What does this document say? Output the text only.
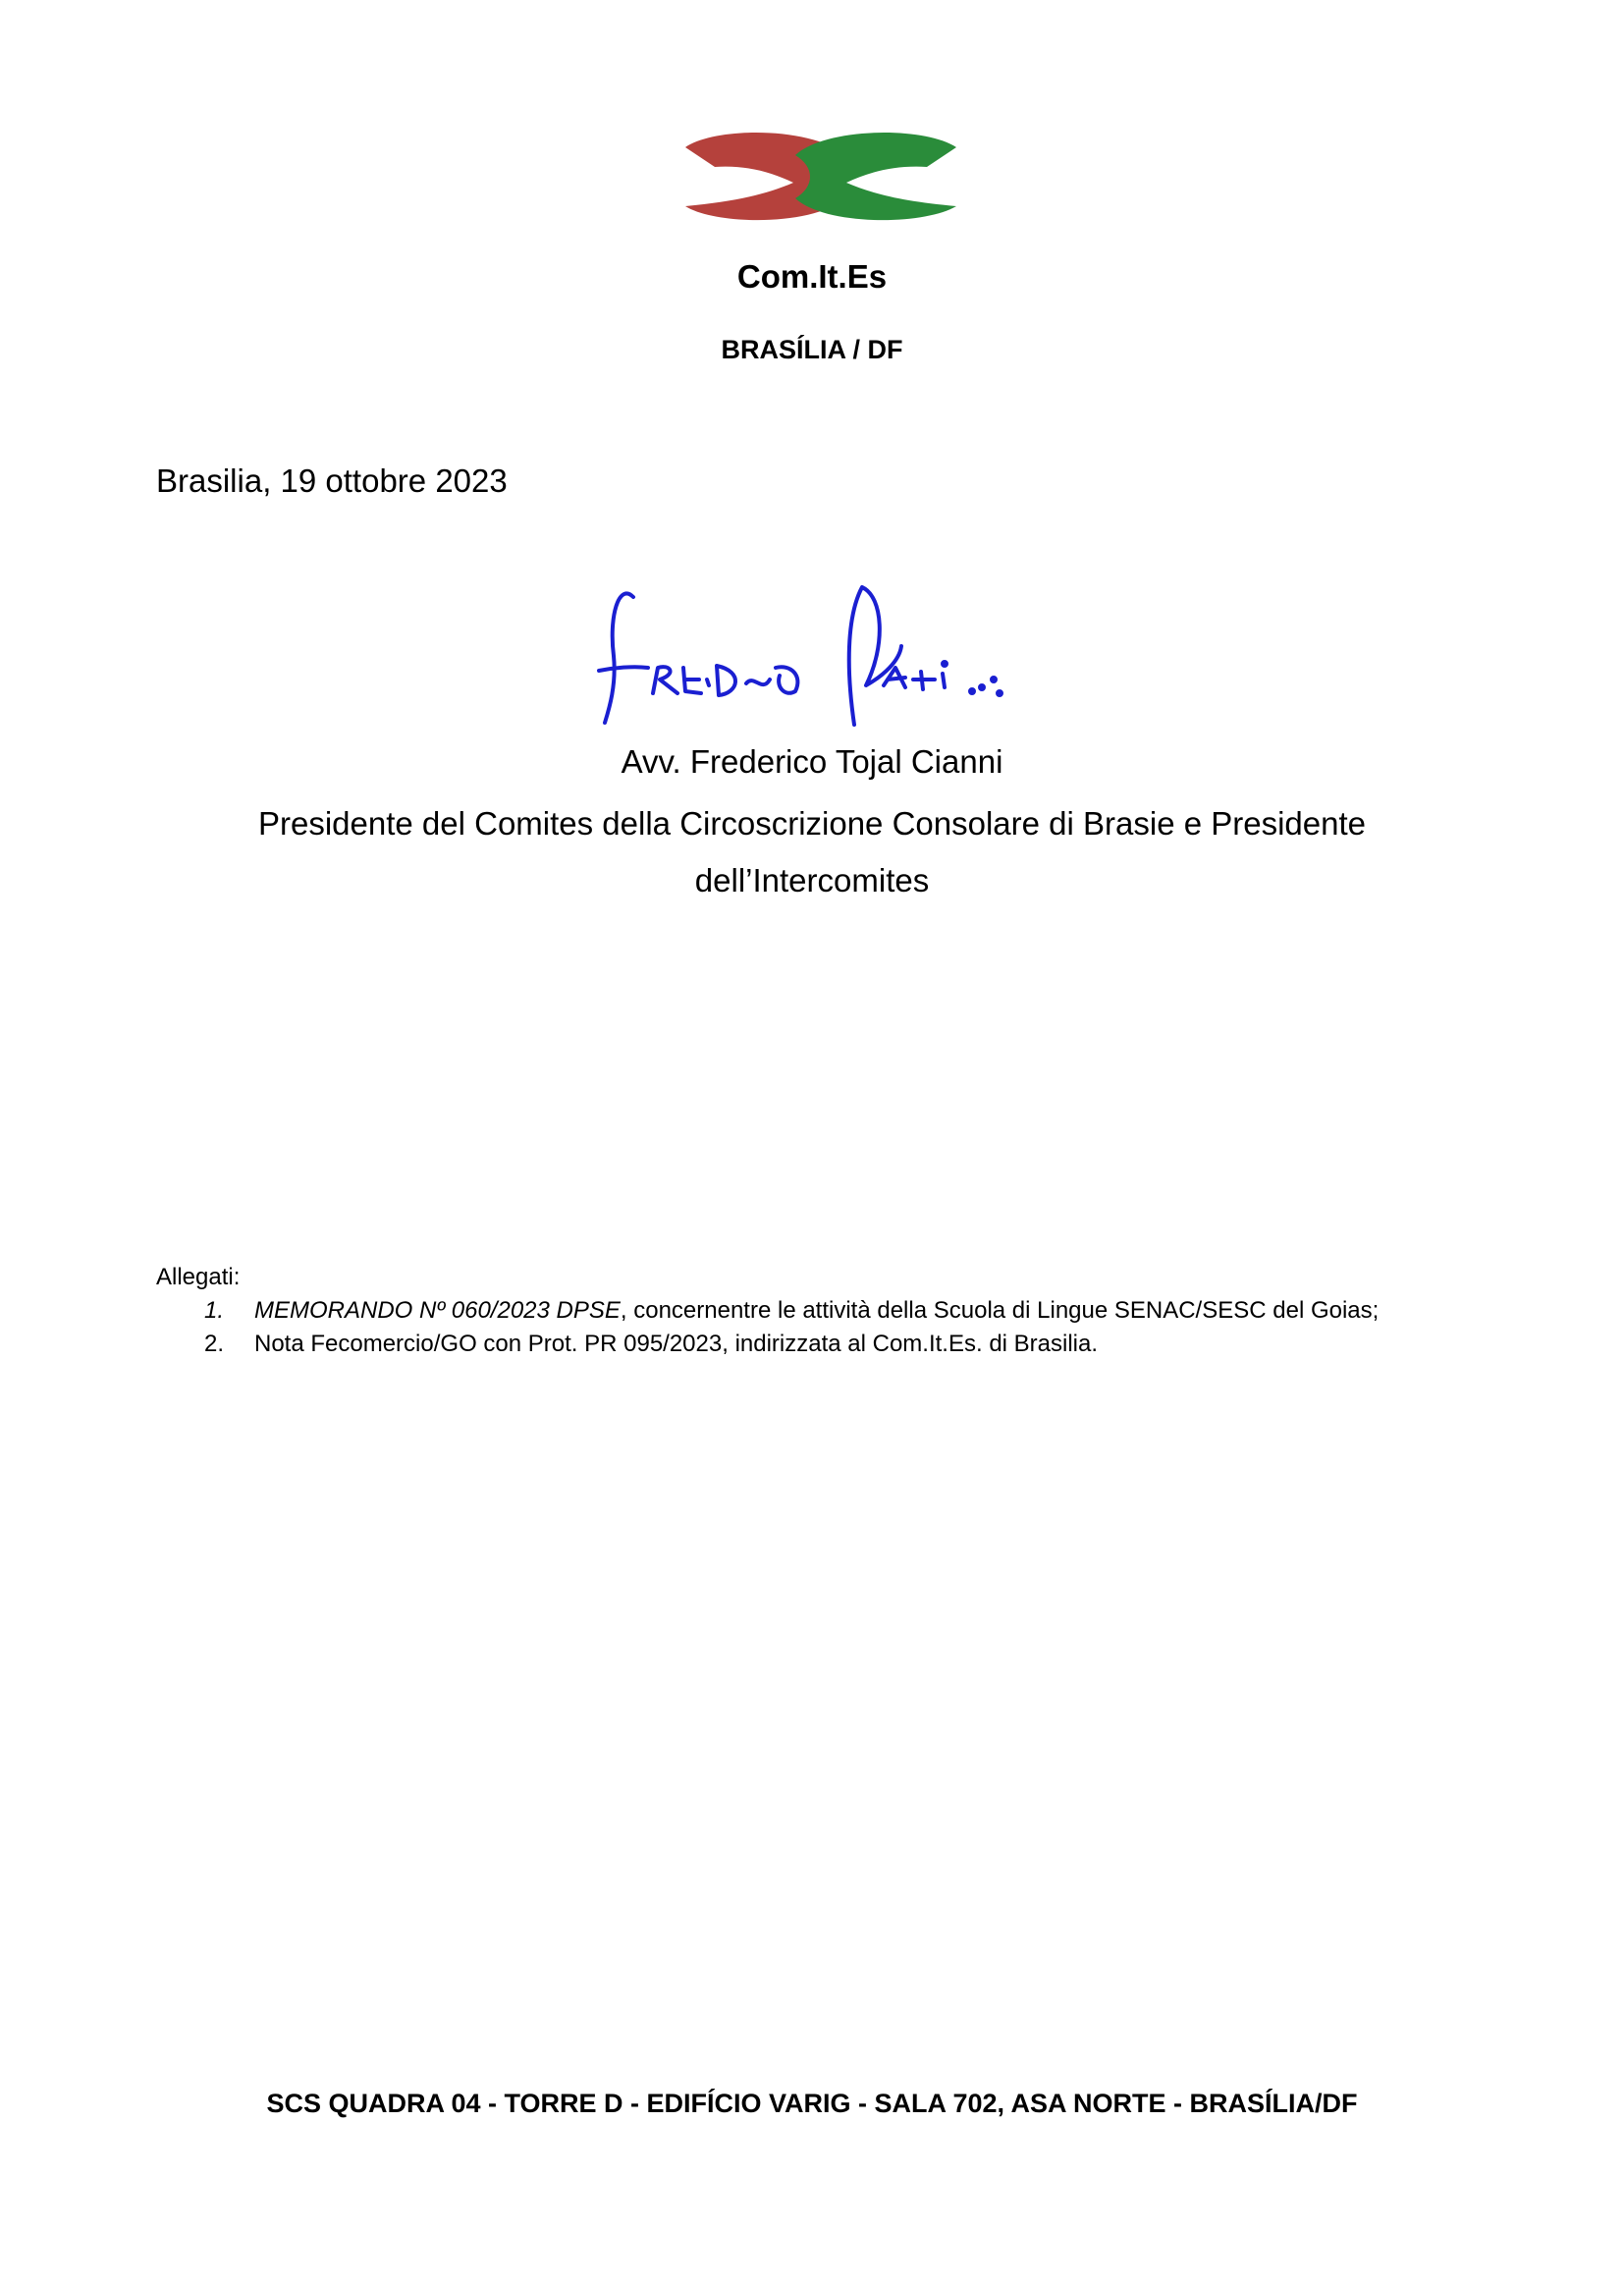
Com.It.Es
BRASÍLIA / DF
Brasilia, 19 ottobre 2023
Avv. Frederico Tojal Cianni
Presidente del Comites della Circoscrizione Consolare di Brasie e Presidente
dell’Intercomites
Allegati:
1. MEMORANDO Nº 060/2023 DPSE, concernentre le attività della Scuola di Lingue SENAC/SESC del Goias;
2. Nota Fecomercio/GO con Prot. PR 095/2023, indirizzata al Com.It.Es. di Brasilia.
SCS QUADRA 04 - TORRE D - EDIFÍCIO VARIG - SALA 702, ASA NORTE - BRASÍLIA/DF
